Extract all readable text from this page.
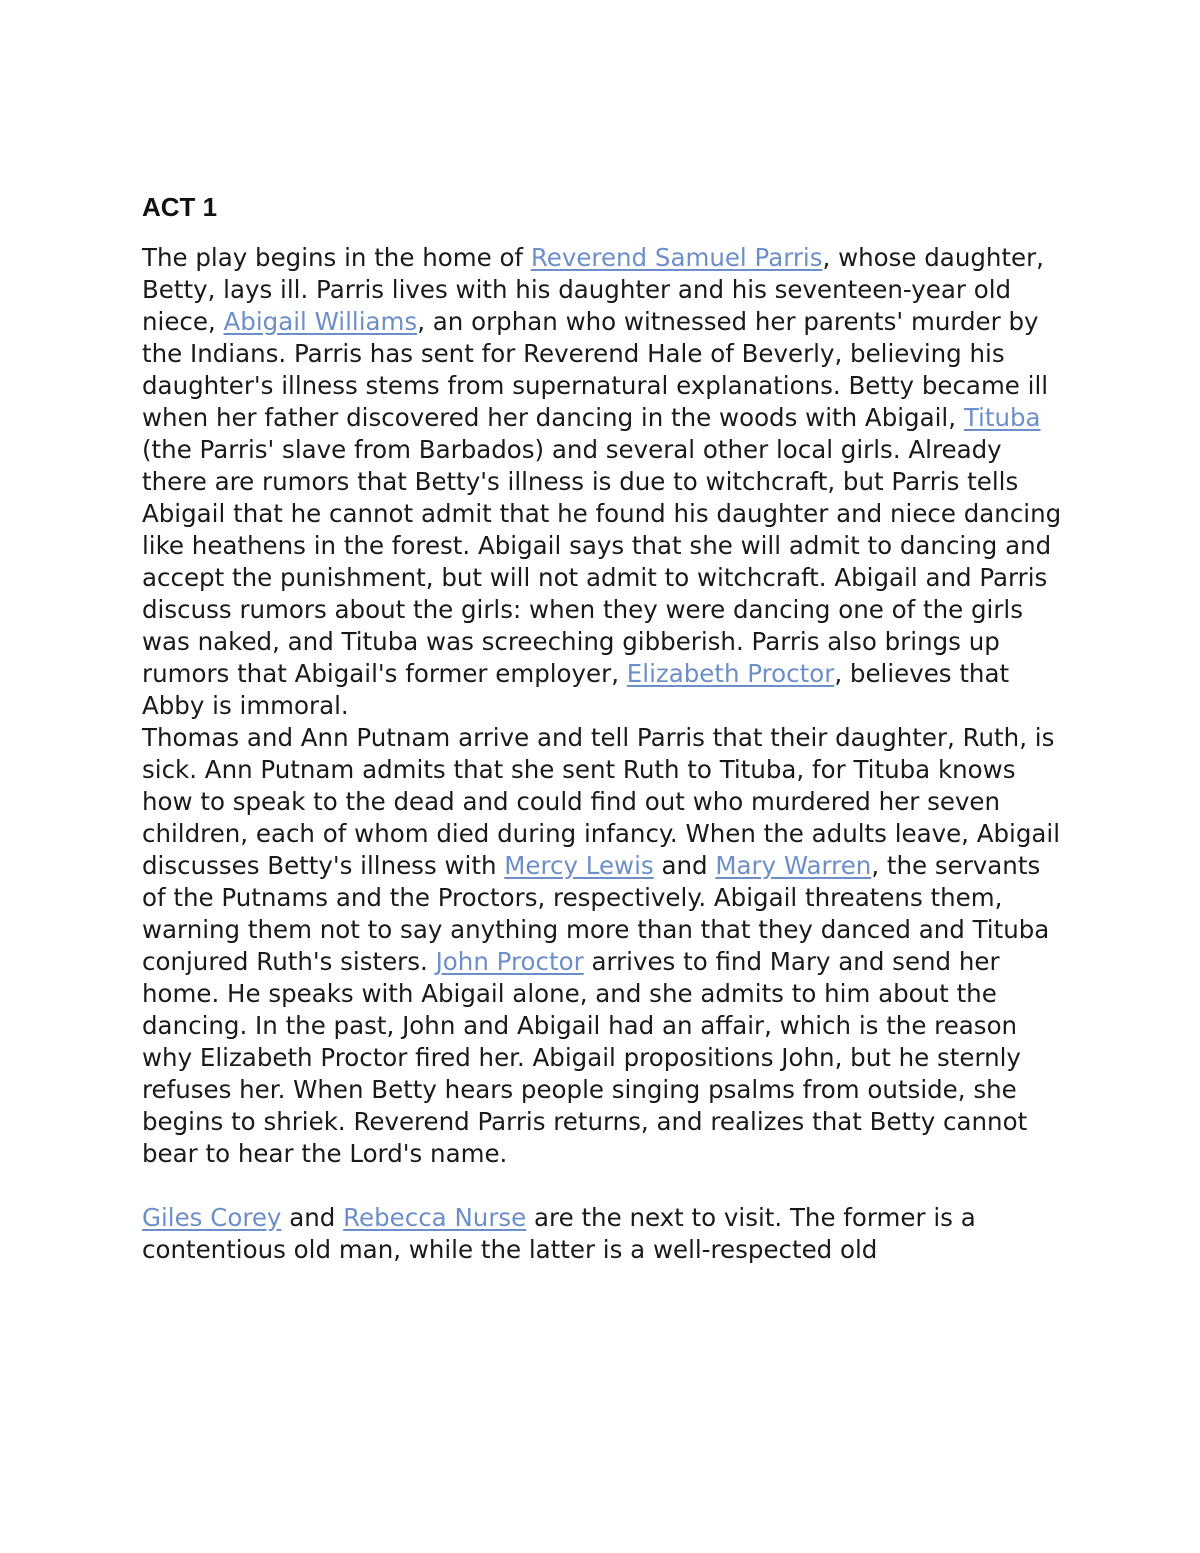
ACT 1

The play begins in the home of Reverend Samuel Parris, whose daughter, Betty, lays ill. Parris lives with his daughter and his seventeen-year old niece, Abigail Williams, an orphan who witnessed her parents' murder by the Indians. Parris has sent for Reverend Hale of Beverly, believing his daughter's illness stems from supernatural explanations. Betty became ill when her father discovered her dancing in the woods with Abigail, Tituba (the Parris' slave from Barbados) and several other local girls. Already there are rumors that Betty's illness is due to witchcraft, but Parris tells Abigail that he cannot admit that he found his daughter and niece dancing like heathens in the forest. Abigail says that she will admit to dancing and accept the punishment, but will not admit to witchcraft. Abigail and Parris discuss rumors about the girls: when they were dancing one of the girls was naked, and Tituba was screeching gibberish. Parris also brings up rumors that Abigail's former employer, Elizabeth Proctor, believes that Abby is immoral.

Thomas and Ann Putnam arrive and tell Parris that their daughter, Ruth, is sick. Ann Putnam admits that she sent Ruth to Tituba, for Tituba knows how to speak to the dead and could find out who murdered her seven children, each of whom died during infancy. When the adults leave, Abigail discusses Betty's illness with Mercy Lewis and Mary Warren, the servants of the Putnams and the Proctors, respectively. Abigail threatens them, warning them not to say anything more than that they danced and Tituba conjured Ruth's sisters. John Proctor arrives to find Mary and send her home. He speaks with Abigail alone, and she admits to him about the dancing. In the past, John and Abigail had an affair, which is the reason why Elizabeth Proctor fired her. Abigail propositions John, but he sternly refuses her. When Betty hears people singing psalms from outside, she begins to shriek. Reverend Parris returns, and realizes that Betty cannot bear to hear the Lord's name.

Giles Corey and Rebecca Nurse are the next to visit. The former is a contentious old man, while the latter is a well-respected old
